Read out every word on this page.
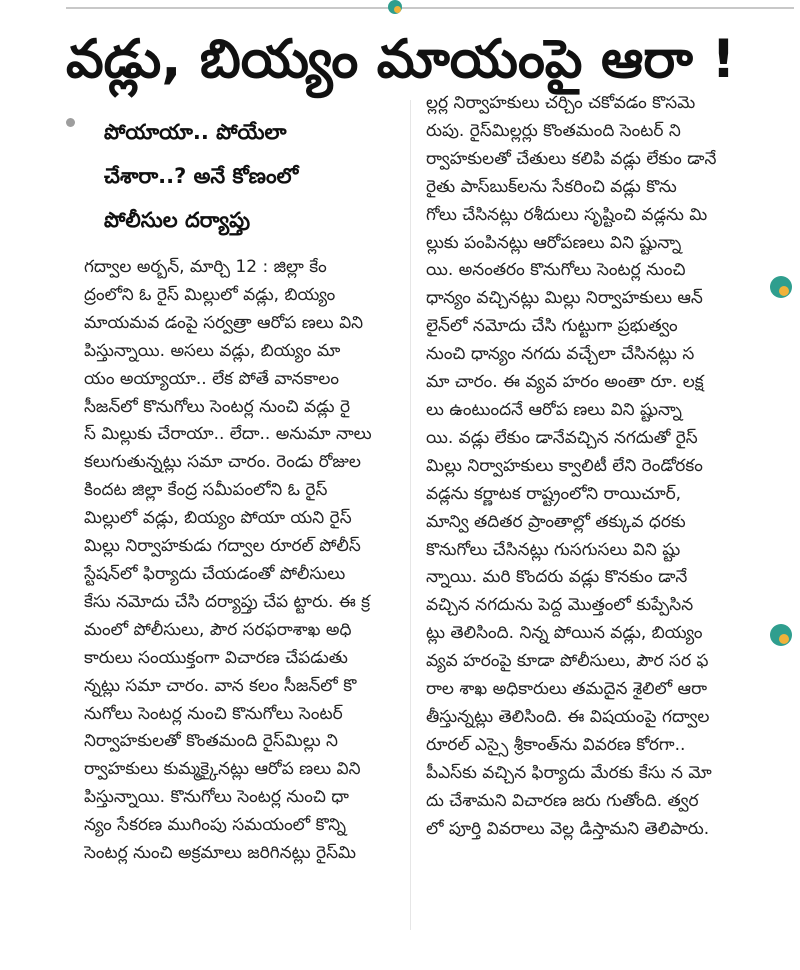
వడ్లు, బియ్యం మాయంపై ఆరా !

పోయాయా.. పోయేలా

చేశారా..? అనే కోణంలో

పోలీసుల దర్యాప్తు

గద్వాల అర్బన్, మార్చి 12 : జిల్లా కేం

ద్రంలోని ఓ రైస్ మిల్లులో వడ్లు, బియ్యం

మాయమవ డంపై సర్వత్రా ఆరోప ణలు విని

పిస్తున్నాయి. అసలు వడ్లు, బియ్యం మా

యం అయ్యాయా.. లేక పోతే వానకాలం

సీజన్‌లో కొనుగోలు సెంటర్ల నుంచి వడ్లు రై

స్ మిల్లుకు చేరాయా.. లేదా.. అనుమా నాలు

కలుగుతున్నట్లు సమా చారం. రెండు రోజుల

కిందట జిల్లా కేంద్ర సమీపంలోని ఓ రైస్

మిల్లులో వడ్లు, బియ్యం పోయా యని రైస్

మిల్లు నిర్వాహకుడు గద్వాల రూరల్ పోలీస్

స్టేషన్‌లో ఫిర్యాదు చేయడంతో పోలీసులు

కేసు నమోదు చేసి దర్యాప్తు చేప ట్టారు. ఈ క్ర

మంలో పోలీసులు, పౌర సరఫరాశాఖ అధి

కారులు సంయుక్తంగా విచారణ చేపడుతు

న్నట్లు సమా చారం. వాన కలం సీజన్‌లో కొ

నుగోలు సెంటర్ల నుంచి కొనుగోలు సెంటర్

నిర్వాహకులతో కొంతమంది రైస్‌మిల్లు ని

ర్వాహకులు కుమ్మక్కైనట్లు ఆరోప ణలు విని

పిస్తున్నాయి. కొనుగోలు సెంటర్ల నుంచి ధా

న్యం సేకరణ ముగింపు సమయంలో కొన్ని

సెంటర్ల నుంచి అక్రమాలు జరిగినట్లు రైస్‌మి

ల్లర్ల నిర్వాహకులు చర్చిం చకోవడం కొసమె

రుపు. రైస్‌మిల్లర్లు కొంతమంది సెంటర్ ని

ర్వాహకులతో చేతులు కలిపి వడ్లు లేకుం డానే

రైతు పాస్‌బుక్‌లను సేకరించి వడ్లు కొను

గోలు చేసినట్లు రశీదులు సృష్టించి వడ్లను మి

ల్లుకు పంపినట్లు ఆరోపణలు విని ష్టున్నా

యి. అనంతరం కొనుగోలు సెంటర్ల నుంచి

ధాన్యం వచ్చినట్లు మిల్లు నిర్వాహకులు ఆన్

లైన్‌లో నమోదు చేసి గుట్టుగా ప్రభుత్వం

నుంచి ధాన్యం నగదు వచ్చేలా చేసినట్లు స

మా చారం. ఈ వ్యవ హరం అంతా రూ. లక్ష

లు ఉంటుందనే ఆరోప ణలు విని ష్టున్నా

యి. వడ్లు లేకుం డానేవచ్చిన నగదుతో రైస్

మిల్లు నిర్వాహకులు క్వాలిటీ లేని రెండోరకం

వడ్లను కర్ణాటక రాష్ట్రంలోని రాయిచూర్,

మాన్వి తదితర ప్రాంతాల్లో తక్కువ ధరకు

కొనుగోలు చేసినట్లు గుసగుసలు విని ష్టు

న్నాయి. మరి కొందరు వడ్లు కొనకుం డానే

వచ్చిన నగదును పెద్ద మొత్తంలో కుప్పేసిన

ట్లు తెలిసింది. నిన్న పోయిన వడ్లు, బియ్యం

వ్యవ హరంపై కూడా పోలీసులు, పౌర సర ఫ

రాల శాఖ అధికారులు తమదైన శైలిలో ఆరా

తీస్తున్నట్లు తెలిసింది. ఈ విషయంపై గద్వాల

రూరల్ ఎస్సై శ్రీకాంత్‌ను వివరణ కోరగా..

పీఎస్‌కు వచ్చిన ఫిర్యాదు మేరకు కేసు న మో

దు చేశామని విచారణ జరు గుతోంది. త్వర

లో పూర్తి వివరాలు వెల్ల డిస్తామని తెలిపారు.
